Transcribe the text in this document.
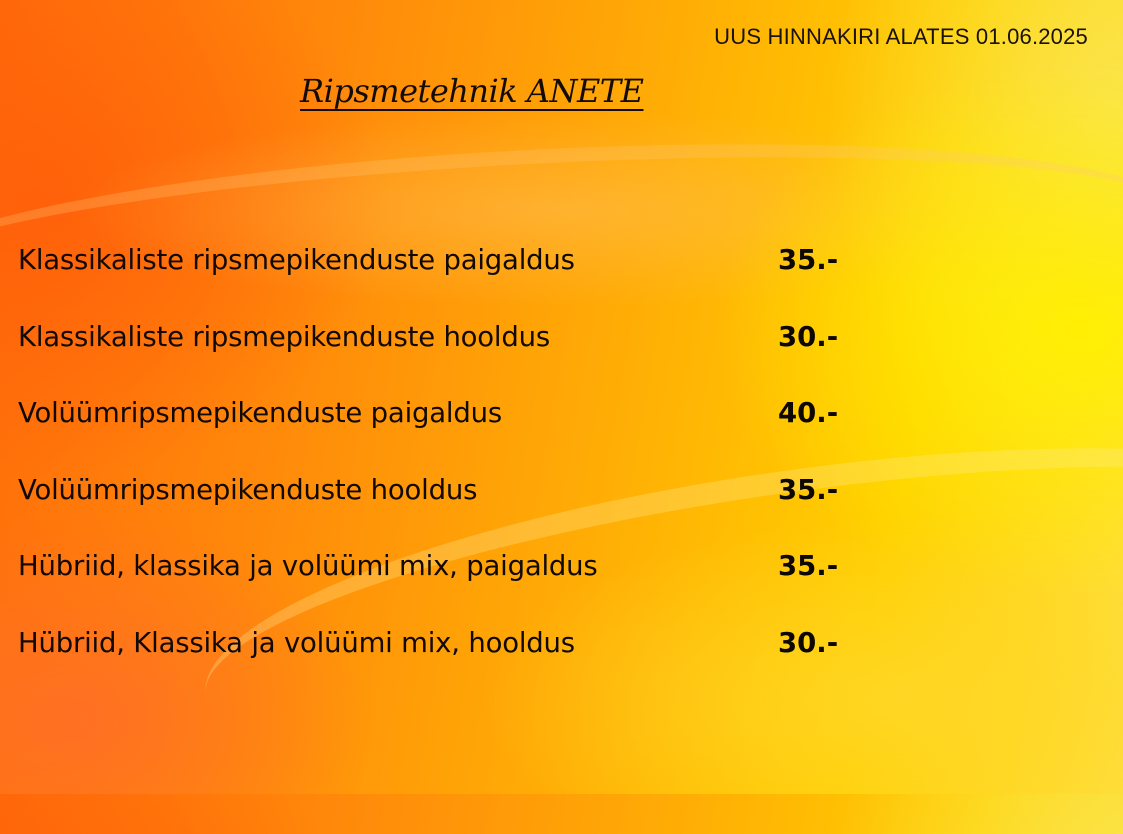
UUS HINNAKIRI ALATES 01.06.2025
Ripsmetehnik ANETE
Klassikaliste ripsmepikenduste paigaldus	35.-
Klassikaliste ripsmepikenduste hooldus	30.-
Volüümripsmepikenduste paigaldus	40.-
Volüümripsmepikenduste hooldus	35.-
Hübriid, klassika ja volüümi mix, paigaldus	35.-
Hübriid, Klassika ja volüümi mix, hooldus	30.-
